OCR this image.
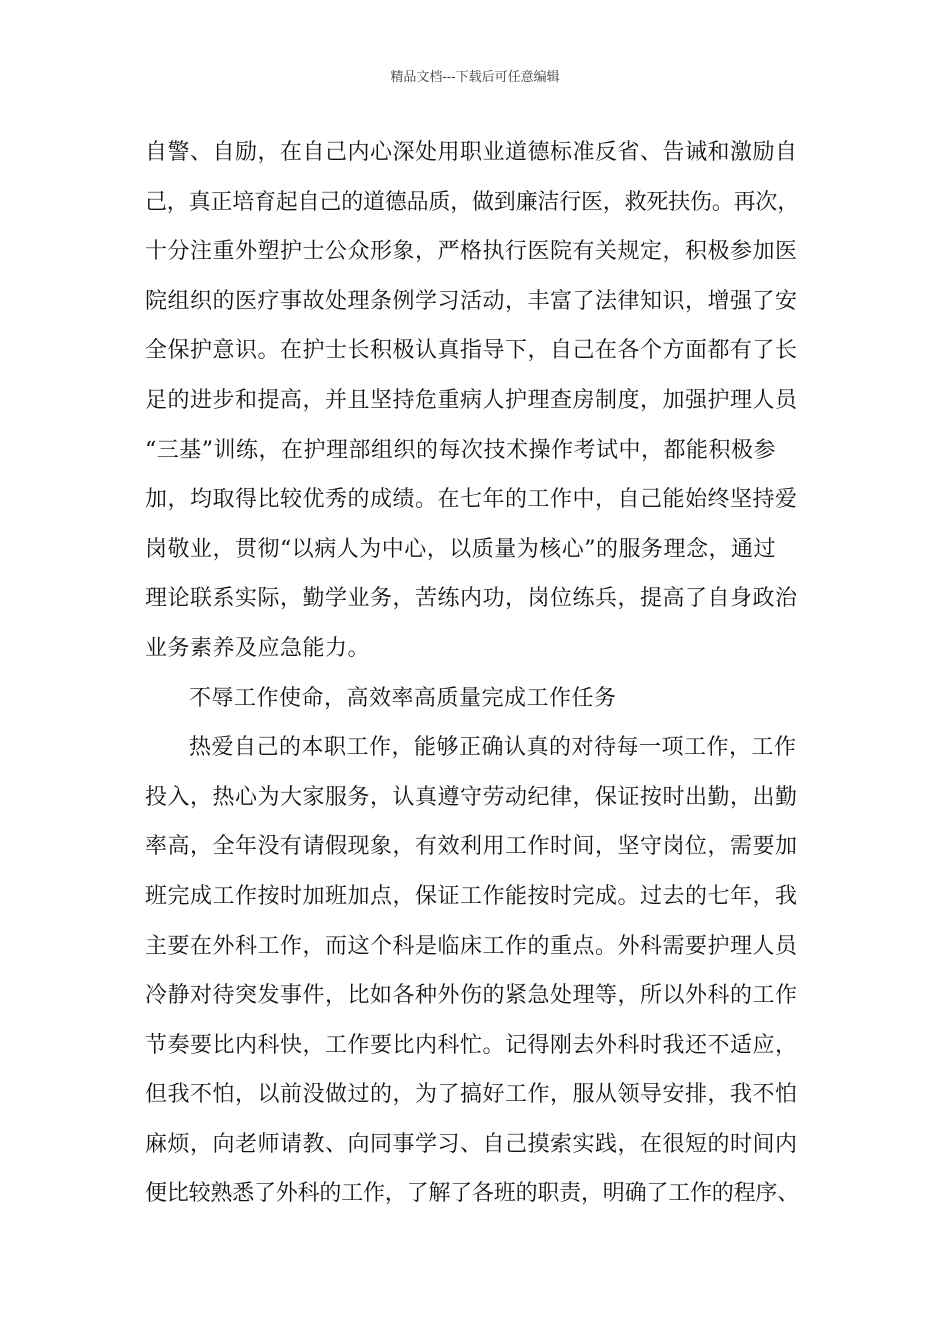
精品文档---下载后可任意编辑
自警、自励，在自己内心深处用职业道德标准反省、告诫和激励自
己，真正培育起自己的道德品质，做到廉洁行医，救死扶伤。再次，
十分注重外塑护士公众形象，严格执行医院有关规定，积极参加医
院组织的医疗事故处理条例学习活动，丰富了法律知识，增强了安
全保护意识。在护士长积极认真指导下，自己在各个方面都有了长
足的进步和提高，并且坚持危重病人护理查房制度，加强护理人员
“三基”训练，在护理部组织的每次技术操作考试中，都能积极参
加，均取得比较优秀的成绩。在七年的工作中，自己能始终坚持爱
岗敬业，贯彻“以病人为中心，以质量为核心”的服务理念，通过
理论联系实际，勤学业务，苦练内功，岗位练兵，提高了自身政治
业务素养及应急能力。
不辱工作使命，高效率高质量完成工作任务
热爱自己的本职工作，能够正确认真的对待每一项工作，工作
投入，热心为大家服务，认真遵守劳动纪律，保证按时出勤，出勤
率高，全年没有请假现象，有效利用工作时间，坚守岗位，需要加
班完成工作按时加班加点，保证工作能按时完成。过去的七年，我
主要在外科工作，而这个科是临床工作的重点。外科需要护理人员
冷静对待突发事件，比如各种外伤的紧急处理等，所以外科的工作
节奏要比内科快，工作要比内科忙。记得刚去外科时我还不适应，
但我不怕，以前没做过的，为了搞好工作，服从领导安排，我不怕
麻烦，向老师请教、向同事学习、自己摸索实践，在很短的时间内
便比较熟悉了外科的工作，了解了各班的职责，明确了工作的程序、
